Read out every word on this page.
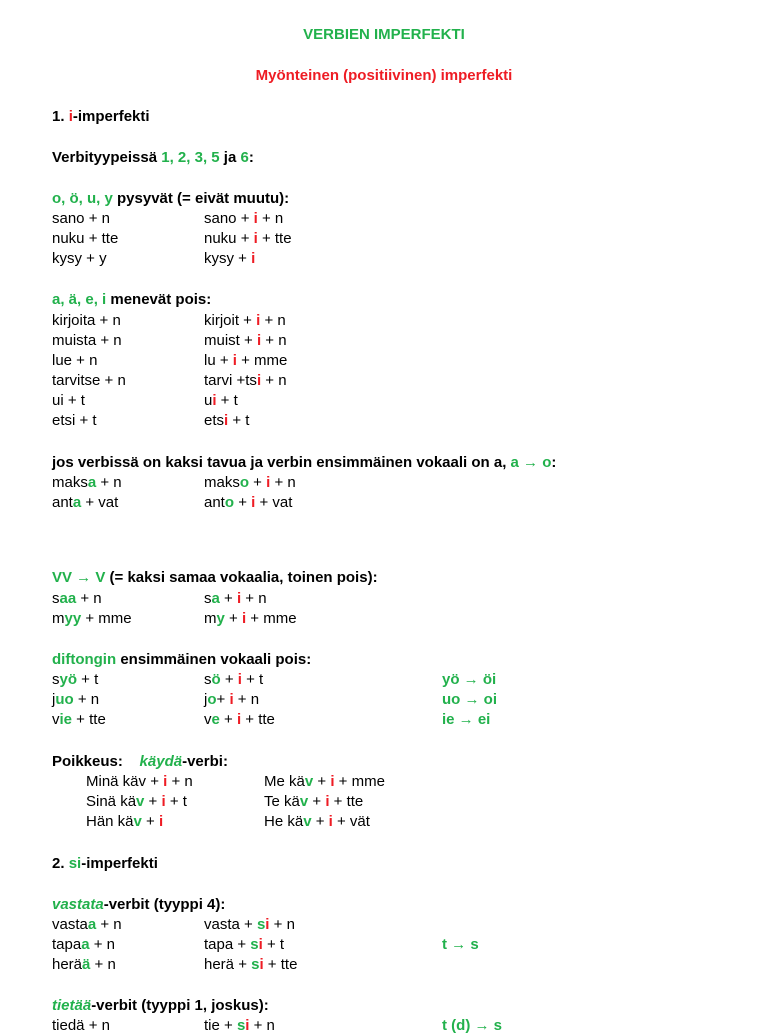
VERBIEN IMPERFEKTI
Myönteinen (positiivinen) imperfekti
1. i-imperfekti
Verbityypeissä 1, 2, 3, 5 ja 6:
o, ö, u, y pysyvät (= eivät muutu):
sano + n	sano + i + n
nuku + tte	nuku + i + tte
kysy + y	kysy + i
a, ä, e, i menevät pois:
kirjoita + n	kirjoit + i + n
muista + n	muist + i + n
lue + n	lu + i + mme
tarvitse + n	tarvi +tsi + n
ui + t	ui + t
etsi + t	etsi + t
jos verbissä on kaksi tavua ja verbin ensimmäinen vokaali on a, a → o:
maksa + n	makso + i + n
anta + vat	anto + i + vat
VV → V (= kaksi samaa vokaalia, toinen pois):
saa + n	sa + i + n
myy + mme	my + i + mme
diftongin ensimmäinen vokaali pois:
syö + t	sö + i + t	yö → öi
juo + n	jo+ i + n	uo → oi
vie + tte	ve + i + tte	ie → ei
Poikkeus: käydä-verbi:
Minä käv + i + n	Me käv + i + mme
Sinä käv + i + t	Te käv + i + tte
Hän käv + i	He käv + i + vät
2. si-imperfekti
vastata-verbit (tyyppi 4):
vastaa + n	vasta + si + n
tapaa + n	tapa + si + t	t → s
herää + n	herä + si + tte
tietää-verbit (tyyppi 1, joskus):
tiedä + n	tie + si + n	t (d) → s
